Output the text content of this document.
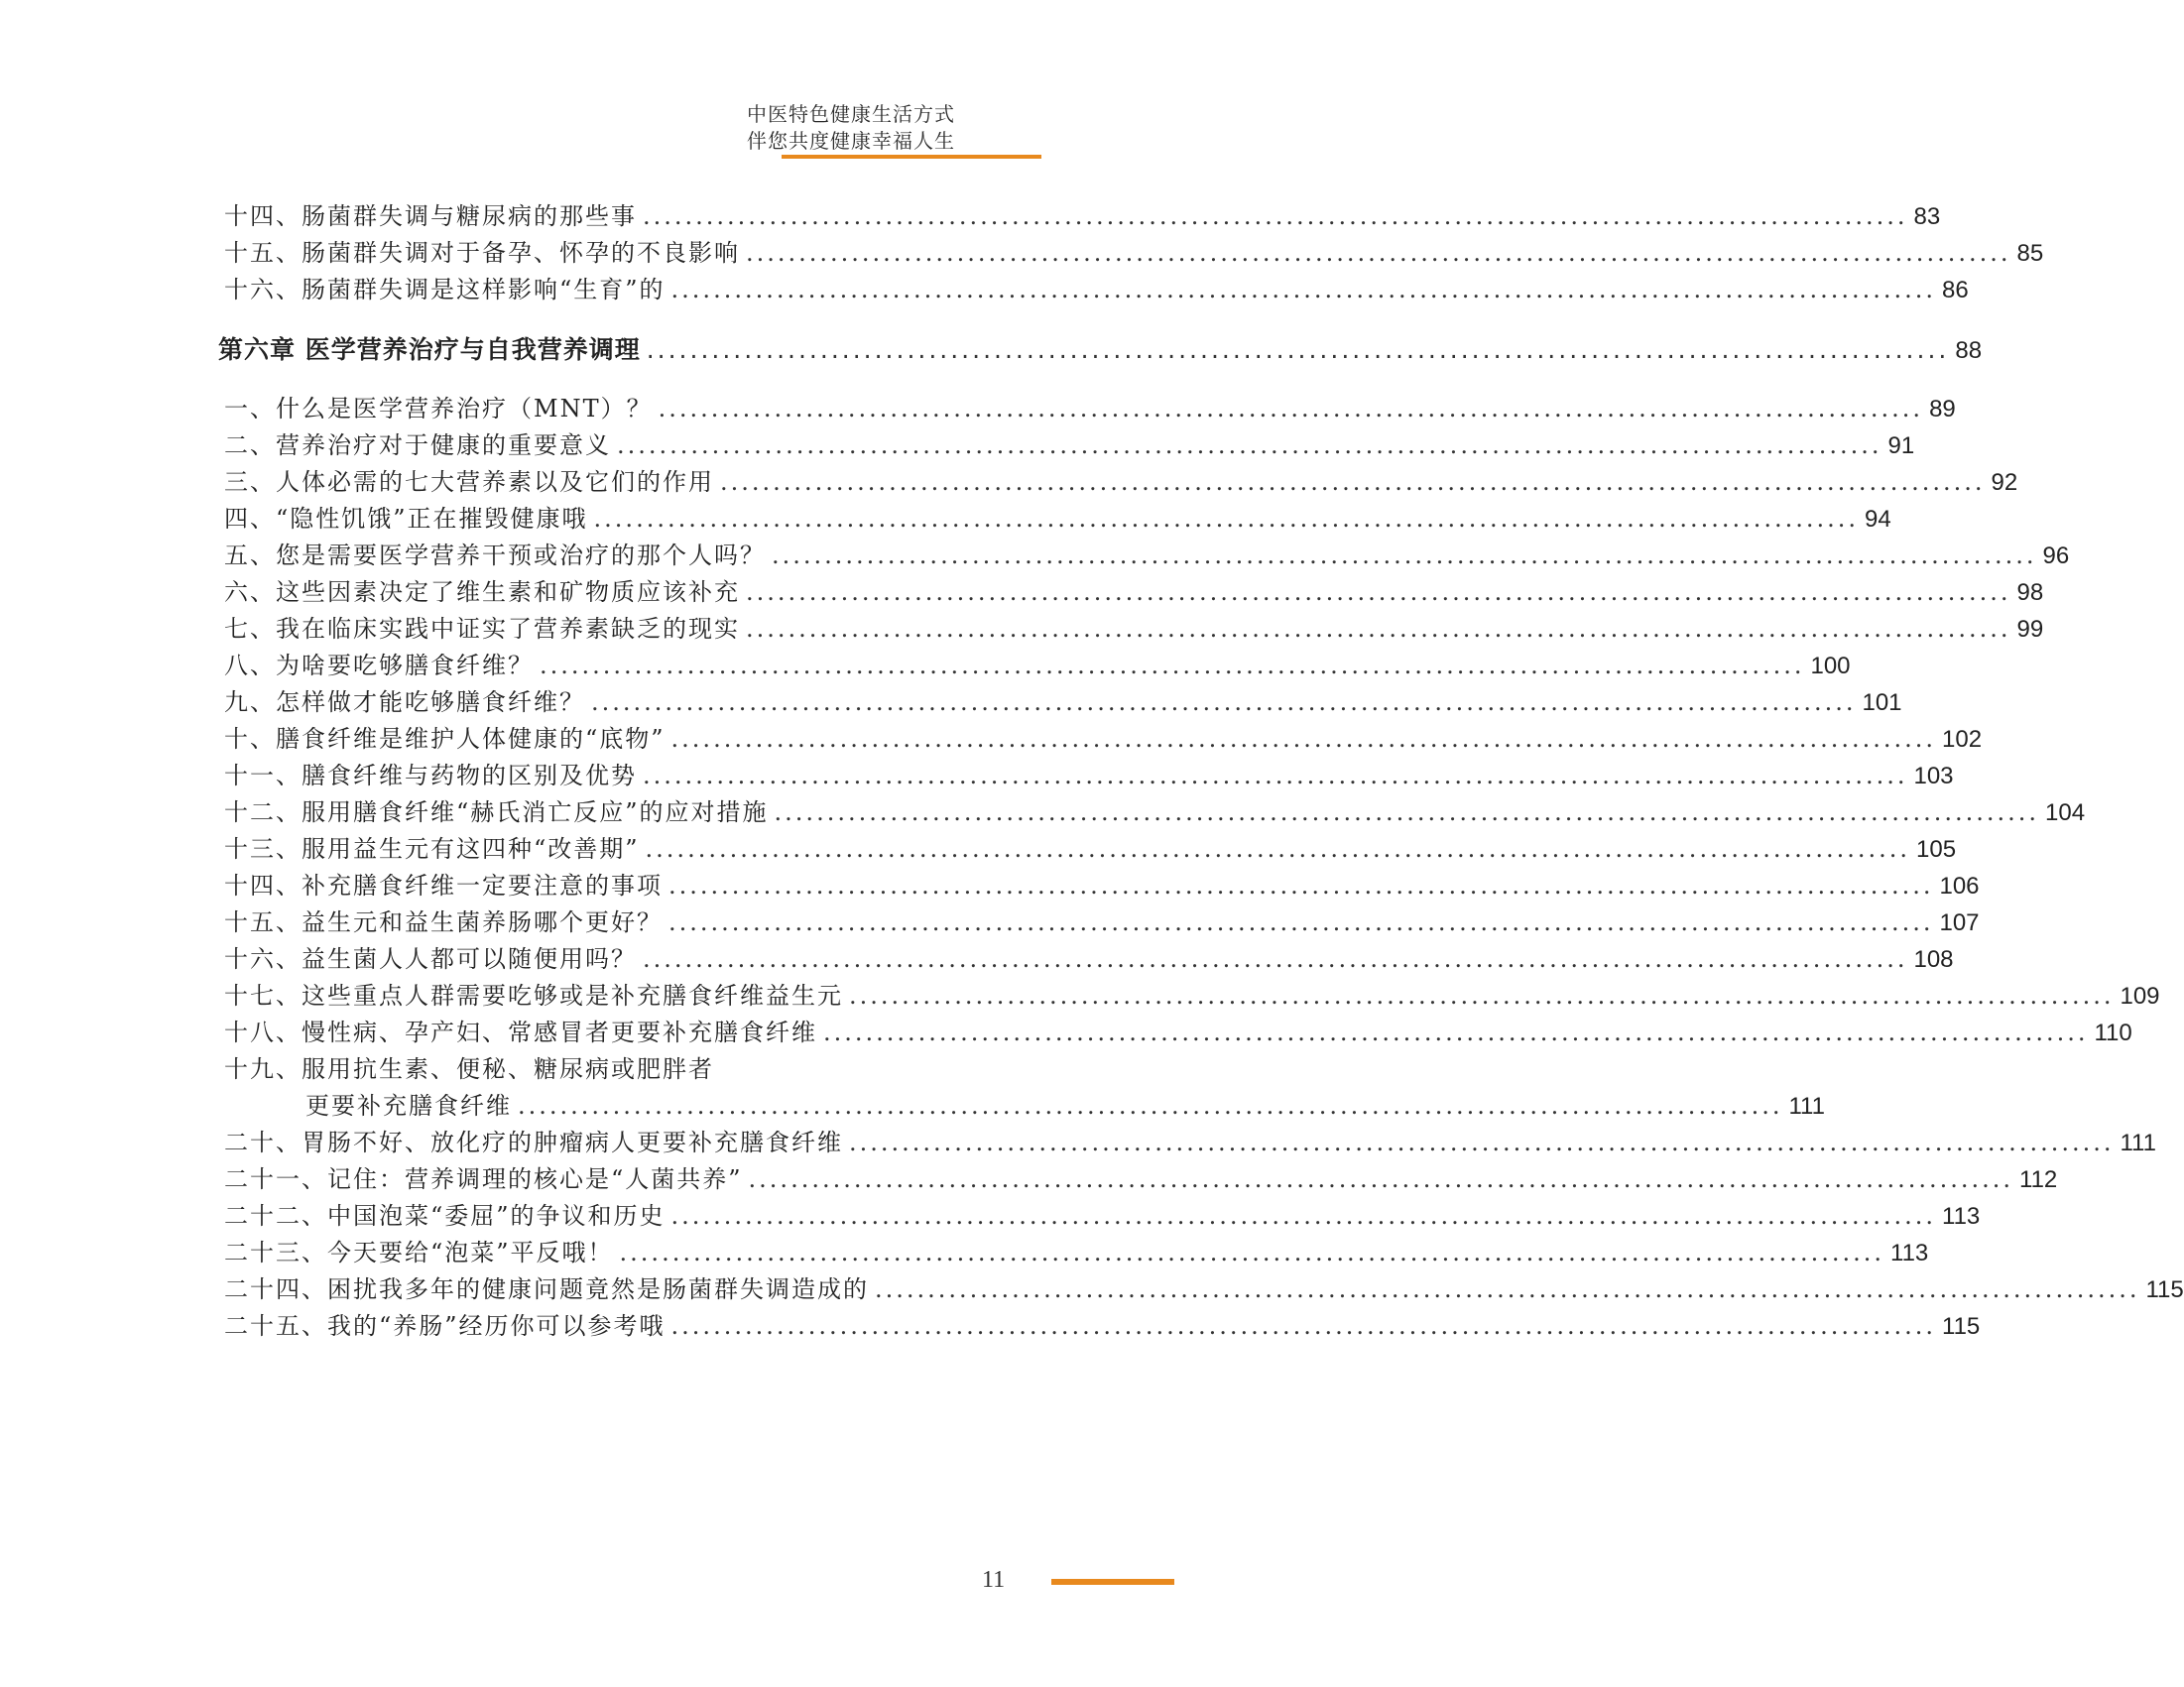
中医特色健康生活方式
伴您共度健康幸福人生
十四、肠菌群失调与糖尿病的那些事 ........................................................................................................................ 83
十五、肠菌群失调对于备孕、怀孕的不良影响 ........................................................................................................................ 85
十六、肠菌群失调是这样影响“生育”的 ........................................................................................................................ 86
第六章 医学营养治疗与自我营养调理 ........................................................................................................................ 88
一、什么是医学营养治疗（MNT）？ ........................................................................................................................ 89
二、营养治疗对于健康的重要意义 ........................................................................................................................ 91
三、人体必需的七大营养素以及它们的作用 ........................................................................................................................ 92
四、“隐性饥饿”正在摧毁健康哦 ........................................................................................................................ 94
五、您是需要医学营养干预或治疗的那个人吗？ ........................................................................................................................ 96
六、这些因素决定了维生素和矿物质应该补充 ........................................................................................................................ 98
七、我在临床实践中证实了营养素缺乏的现实 ........................................................................................................................ 99
八、为啥要吃够膳食纤维？ ........................................................................................................................ 100
九、怎样做才能吃够膳食纤维？ ........................................................................................................................ 101
十、膳食纤维是维护人体健康的“底物” ........................................................................................................................ 102
十一、膳食纤维与药物的区别及优势 ........................................................................................................................ 103
十二、服用膳食纤维“赫氏消亡反应”的应对措施 ........................................................................................................................ 104
十三、服用益生元有这四种“改善期” ........................................................................................................................ 105
十四、补充膳食纤维一定要注意的事项 ........................................................................................................................ 106
十五、益生元和益生菌养肠哪个更好？ ........................................................................................................................ 107
十六、益生菌人人都可以随便用吗？ ........................................................................................................................ 108
十七、这些重点人群需要吃够或是补充膳食纤维益生元 ........................................................................................................................ 109
十八、慢性病、孕产妇、常感冒者更要补充膳食纤维 ........................................................................................................................ 110
十九、服用抗生素、便秘、糖尿病或肥胖者
更要补充膳食纤维 ........................................................................................................................ 111
二十、胃肠不好、放化疗的肿瘤病人更要补充膳食纤维 ........................................................................................................................ 111
二十一、记住：营养调理的核心是“人菌共养” ........................................................................................................................ 112
二十二、中国泡菜“委屈”的争议和历史 ........................................................................................................................ 113
二十三、今天要给“泡菜”平反哦！ ........................................................................................................................ 113
二十四、困扰我多年的健康问题竟然是肠菌群失调造成的 ........................................................................................................................ 115
二十五、我的“养肠”经历你可以参考哦 ........................................................................................................................ 115
11
